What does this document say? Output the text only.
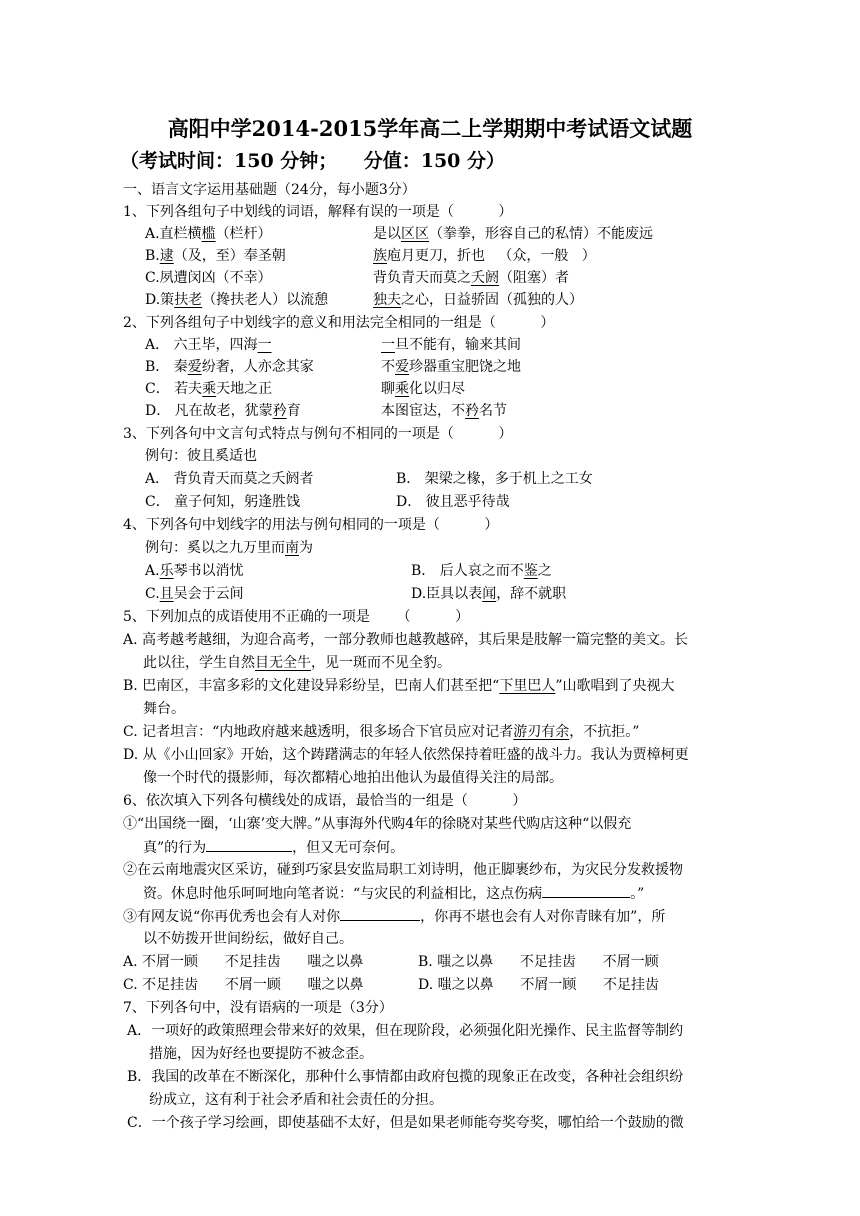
高阳中学2014-2015学年高二上学期期中考试语文试题
（考试时间：150 分钟；    分值：150 分）
一、语言文字运用基础题（24分，每小题3分）
1、下列各组句子中划线的词语，解释有误的一项是（          ）
A.直栏横槛（栏杆）	是以区区（拳拳，形容自己的私情）不能废远
B.逮（及，至）奉圣朝	族庖月更刀，折也   （众，一般   ）
C.夙遭闵凶（不幸）	背负青天而莫之夭阏（阻塞）者
D.策扶老（搀扶老人）以流憩	独夫之心，日益骄固（孤独的人）
2、下列各组句子中划线字的意义和用法完全相同的一组是（          ）
A． 六王毕，四海一	一旦不能有，输来其间
B． 秦爱纷奢，人亦念其家	不爱珍器重宝肥饶之地
C． 若夫乘天地之正	聊乘化以归尽
D． 凡在故老，犹蒙矜育	本图宦达，不矜名节
3、下列各句中文言句式特点与例句不相同的一项是（          ）
例句：彼且奚适也
A． 背负青天而莫之夭阏者	B． 架梁之椽，多于机上之工女
C． 童子何知，躬逢胜饯	D． 彼且恶乎待哉
4、下列各句中划线字的用法与例句相同的一项是（          ）
例句：奚以之九万里而南为
A.乐琴书以消忧	B． 后人哀之而不鉴之
C.且吴会于云间	D.臣具以表闻，辞不就职
5、下列加点的成语使用不正确的一项是      （          ）
A. 高考越考越细，为迎合高考，一部分教师也越教越碎，其后果是肢解一篇完整的美文。长
此以往，学生自然目无全牛，见一斑而不见全豹。
B. 巴南区，丰富多彩的文化建设异彩纷呈，巴南人们甚至把“下里巴人”山歌唱到了央视大
舞台。
C. 记者坦言：“内地政府越来越透明，很多场合下官员应对记者游刃有余，不抗拒。”
D. 从《小山回家》开始，这个踌躇满志的年轻人依然保持着旺盛的战斗力。我认为贾樟柯更
像一个时代的摄影师，每次都精心地拍出他认为最值得关注的局部。
6、依次填入下列各句横线处的成语，最恰当的一组是（          ）
①“出国绕一圈，‘山寨’变大牌。”从事海外代购4年的徐晓对某些代购店这种“以假充
真”的行为	，但又无可奈何。
②在云南地震灾区采访，碰到巧家县安监局职工刘诗明，他正脚裹纱布，为灾民分发救援物
资。休息时他乐呵呵地向笔者说：“与灾民的利益相比，这点伤病	。”
③有网友说“你再优秀也会有人对你	，你再不堪也会有人对你青睐有加”，所
以不妨拨开世间纷纭，做好自己。
A. 不屑一顾      不足挂齿      嗤之以鼻	B. 嗤之以鼻      不足挂齿      不屑一顾
C. 不足挂齿      不屑一顾      嗤之以鼻	D. 嗤之以鼻      不屑一顾      不足挂齿
7、下列各句中，没有语病的一项是（3分）
A．一项好的政策照理会带来好的效果，但在现阶段，必须强化阳光操作、民主监督等制约
措施，因为好经也要提防不被念歪。
B．我国的改革在不断深化，那种什么事情都由政府包揽的现象正在改变，各种社会组织纷
纷成立，这有利于社会矛盾和社会责任的分担。
C．一个孩子学习绘画，即使基础不太好，但是如果老师能夸奖夸奖，哪怕给一个鼓励的微
